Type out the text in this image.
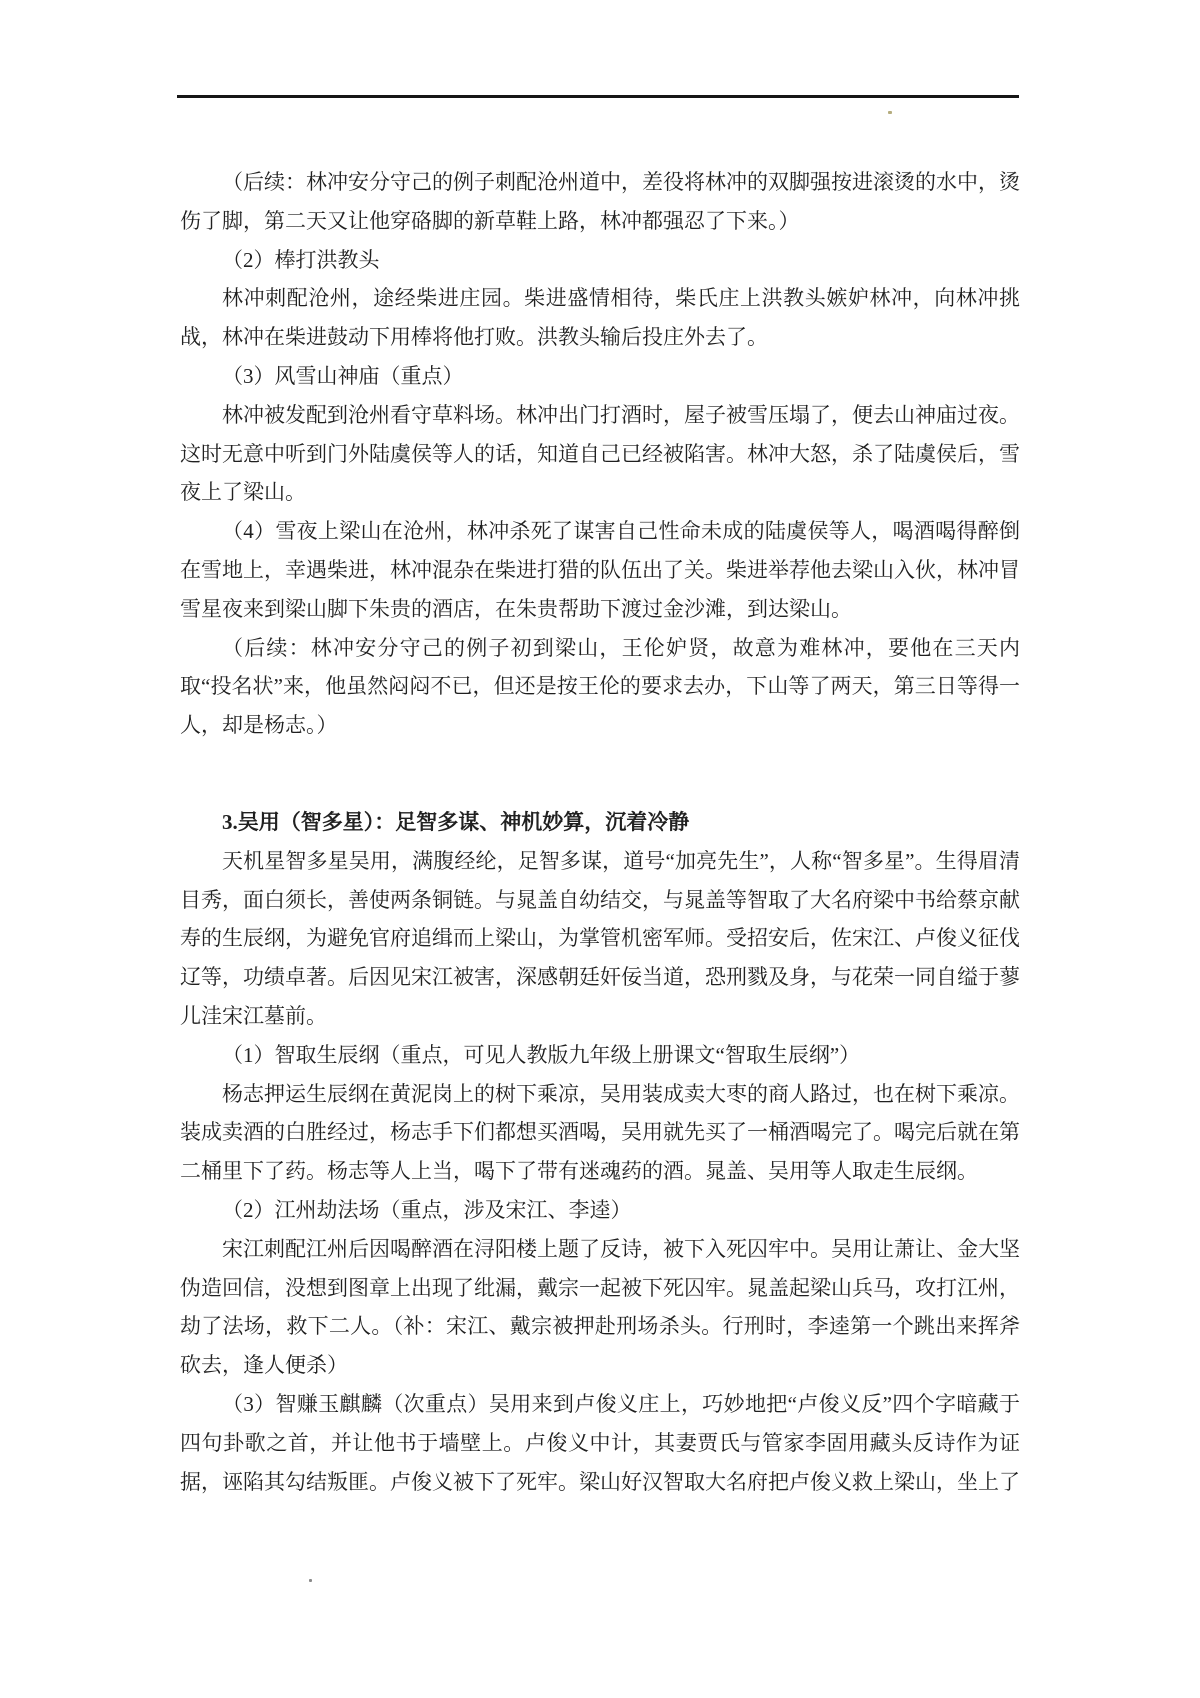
（后续：林冲安分守己的例子刺配沧州道中，差役将林冲的双脚强按进滚烫的水中，烫伤了脚，第二天又让他穿硌脚的新草鞋上路，林冲都强忍了下来。）

（2）棒打洪教头

林冲刺配沧州，途经柴进庄园。柴进盛情相待，柴氏庄上洪教头嫉妒林冲，向林冲挑战，林冲在柴进鼓动下用棒将他打败。洪教头输后投庄外去了。

（3）风雪山神庙（重点）

林冲被发配到沧州看守草料场。林冲出门打酒时，屋子被雪压塌了，便去山神庙过夜。这时无意中听到门外陆虞侯等人的话，知道自己已经被陷害。林冲大怒，杀了陆虞侯后，雪夜上了梁山。

（4）雪夜上梁山在沧州，林冲杀死了谋害自己性命未成的陆虞侯等人，喝酒喝得醉倒在雪地上，幸遇柴进，林冲混杂在柴进打猎的队伍出了关。柴进举荐他去梁山入伙，林冲冒雪星夜来到梁山脚下朱贵的酒店，在朱贵帮助下渡过金沙滩，到达梁山。

（后续：林冲安分守己的例子初到梁山，王伦妒贤，故意为难林冲，要他在三天内取“投名状”来，他虽然闷闷不已，但还是按王伦的要求去办，下山等了两天，第三日等得一人，却是杨志。）

3.吴用（智多星）：足智多谋、神机妙算，沉着冷静

天机星智多星吴用，满腹经纶，足智多谋，道号“加亮先生”，人称“智多星”。生得眉清目秀，面白须长，善使两条铜链。与晁盖自幼结交，与晁盖等智取了大名府梁中书给蔡京献寿的生辰纲，为避免官府追缉而上梁山，为掌管机密军师。受招安后，佐宋江、卢俊义征伐辽等，功绩卓著。后因见宋江被害，深感朝廷奸佞当道，恐刑戮及身，与花荣一同自缢于蓼儿洼宋江墓前。

（1）智取生辰纲（重点，可见人教版九年级上册课文“智取生辰纲”）

杨志押运生辰纲在黄泥岗上的树下乘凉，吴用装成卖大枣的商人路过，也在树下乘凉。装成卖酒的白胜经过，杨志手下们都想买酒喝，吴用就先买了一桶酒喝完了。喝完后就在第二桶里下了药。杨志等人上当，喝下了带有迷魂药的酒。晁盖、吴用等人取走生辰纲。

（2）江州劫法场（重点，涉及宋江、李逵）

宋江刺配江州后因喝醉酒在浔阳楼上题了反诗，被下入死囚牢中。吴用让萧让、金大坚伪造回信，没想到图章上出现了纰漏，戴宗一起被下死囚牢。晁盖起梁山兵马，攻打江州，劫了法场，救下二人。（补：宋江、戴宗被押赴刑场杀头。行刑时，李逵第一个跳出来挥斧砍去，逢人便杀）

（3）智赚玉麒麟（次重点）吴用来到卢俊义庄上，巧妙地把“卢俊义反”四个字暗藏于四句卦歌之首，并让他书于墙壁上。卢俊义中计，其妻贾氏与管家李固用藏头反诗作为证据，诬陷其勾结叛匪。卢俊义被下了死牢。梁山好汉智取大名府把卢俊义救上梁山，坐上了
